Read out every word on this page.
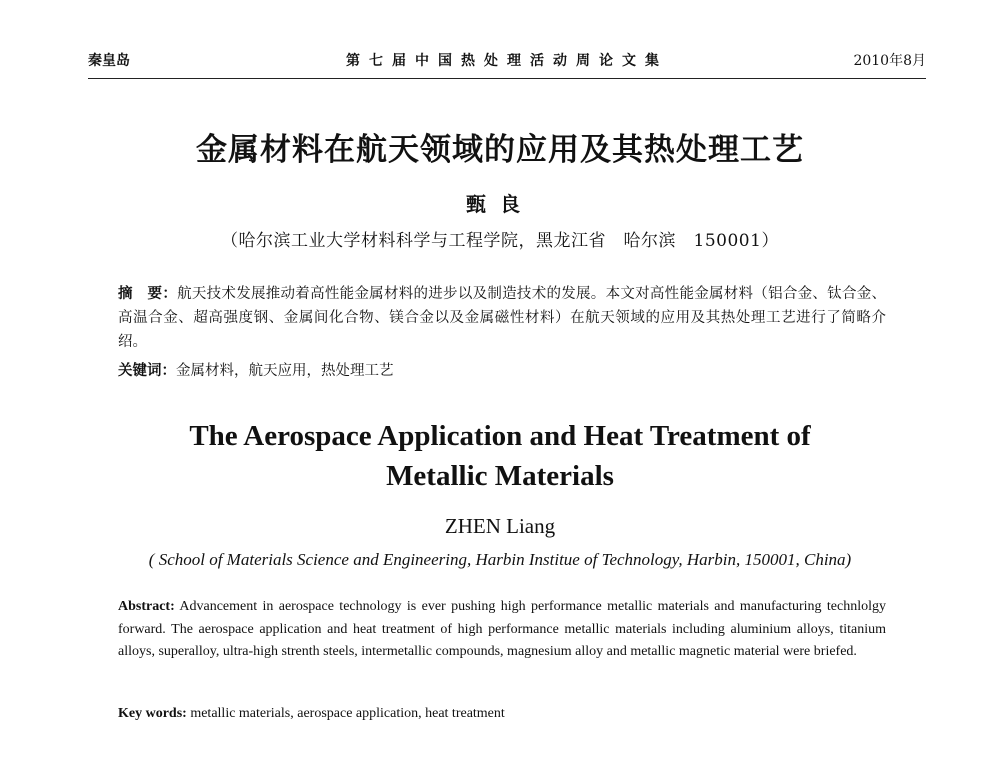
秦皇岛	第七届中国热处理活动周论文集	2010年8月
金属材料在航天领域的应用及其热处理工艺
甄良
（哈尔滨工业大学材料科学与工程学院，黑龙江省　哈尔滨　150001）
摘　要：航天技术发展推动着高性能金属材料的进步以及制造技术的发展。本文对高性能金属材料（铝合金、钛合金、高温合金、超高强度钢、金属间化合物、镁合金以及金属磁性材料）在航天领域的应用及其热处理工艺进行了简略介绍。
关键词：金属材料，航天应用，热处理工艺
The Aerospace Application and Heat Treatment of
Metallic Materials
ZHEN Liang
( School of Materials Science and Engineering, Harbin Institue of Technology, Harbin, 150001, China)
Abstract: Advancement in aerospace technology is ever pushing high performance metallic materials and manufacturing technlolgy forward. The aerospace application and heat treatment of high performance metallic materials including aluminium alloys, titanium alloys, superalloy, ultra-high strenth steels, intermetallic compounds, magnesium alloy and metallic magnetic material were briefed.
Key words: metallic materials, aerospace application, heat treatment
